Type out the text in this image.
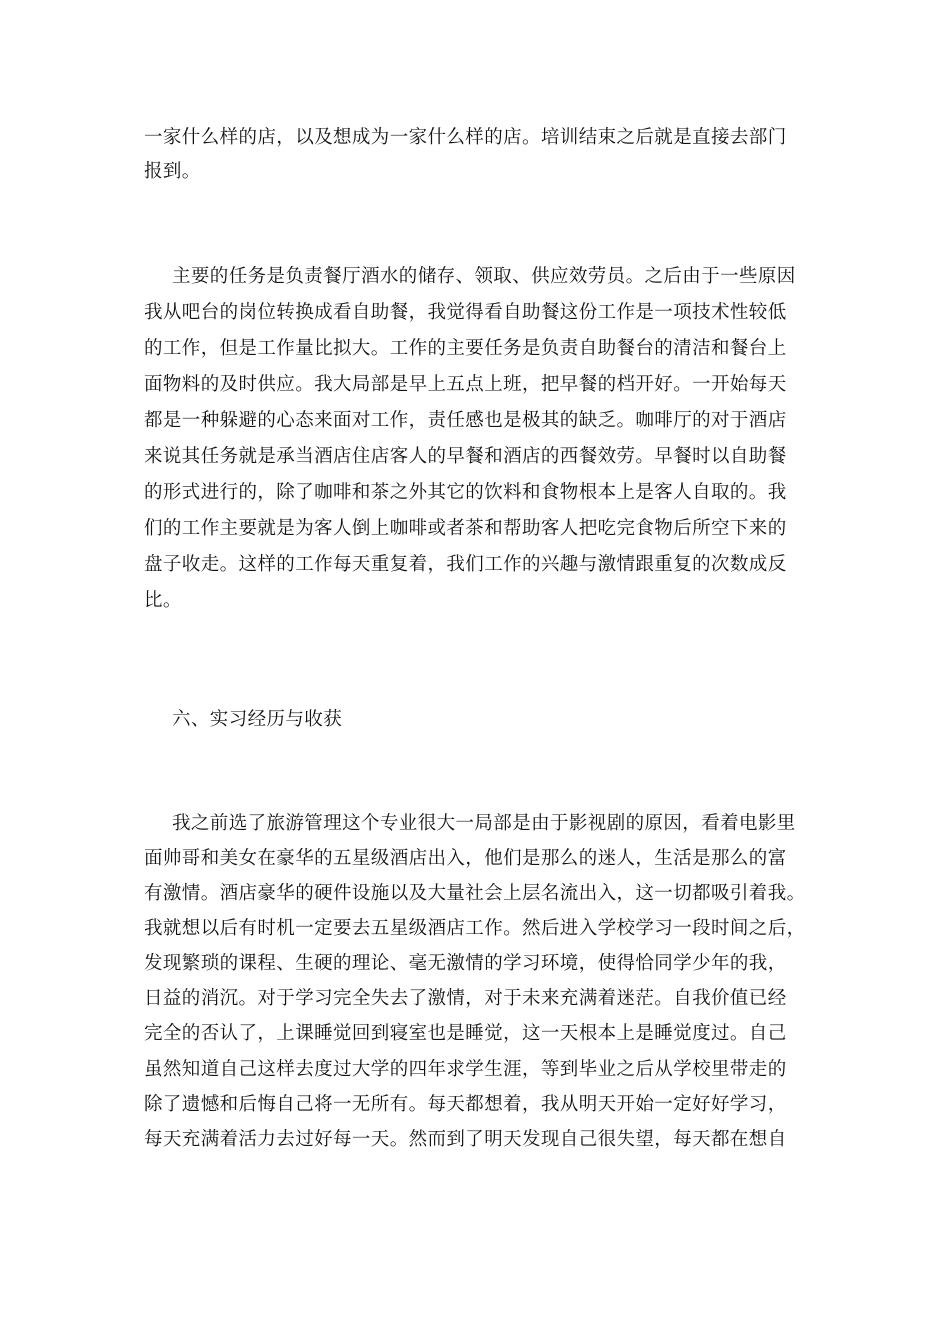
一家什么样的店，以及想成为一家什么样的店。培训结束之后就是直接去部门
报到。
主要的任务是负责餐厅酒水的储存、领取、供应效劳员。之后由于一些原因
我从吧台的岗位转换成看自助餐，我觉得看自助餐这份工作是一项技术性较低
的工作，但是工作量比拟大。工作的主要任务是负责自助餐台的清洁和餐台上
面物料的及时供应。我大局部是早上五点上班，把早餐的档开好。一开始每天
都是一种躲避的心态来面对工作，责任感也是极其的缺乏。咖啡厅的对于酒店
来说其任务就是承当酒店住店客人的早餐和酒店的西餐效劳。早餐时以自助餐
的形式进行的，除了咖啡和茶之外其它的饮料和食物根本上是客人自取的。我
们的工作主要就是为客人倒上咖啡或者茶和帮助客人把吃完食物后所空下来的
盘子收走。这样的工作每天重复着，我们工作的兴趣与激情跟重复的次数成反
比。
六、实习经历与收获
我之前选了旅游管理这个专业很大一局部是由于影视剧的原因，看着电影里
面帅哥和美女在豪华的五星级酒店出入，他们是那么的迷人，生活是那么的富
有激情。酒店豪华的硬件设施以及大量社会上层名流出入，这一切都吸引着我。
我就想以后有时机一定要去五星级酒店工作。然后进入学校学习一段时间之后，
发现繁琐的课程、生硬的理论、毫无激情的学习环境，使得恰同学少年的我，
日益的消沉。对于学习完全失去了激情，对于未来充满着迷茫。自我价值已经
完全的否认了，上课睡觉回到寝室也是睡觉，这一天根本上是睡觉度过。自己
虽然知道自己这样去度过大学的四年求学生涯，等到毕业之后从学校里带走的
除了遗憾和后悔自己将一无所有。每天都想着，我从明天开始一定好好学习，
每天充满着活力去过好每一天。然而到了明天发现自己很失望，每天都在想自
